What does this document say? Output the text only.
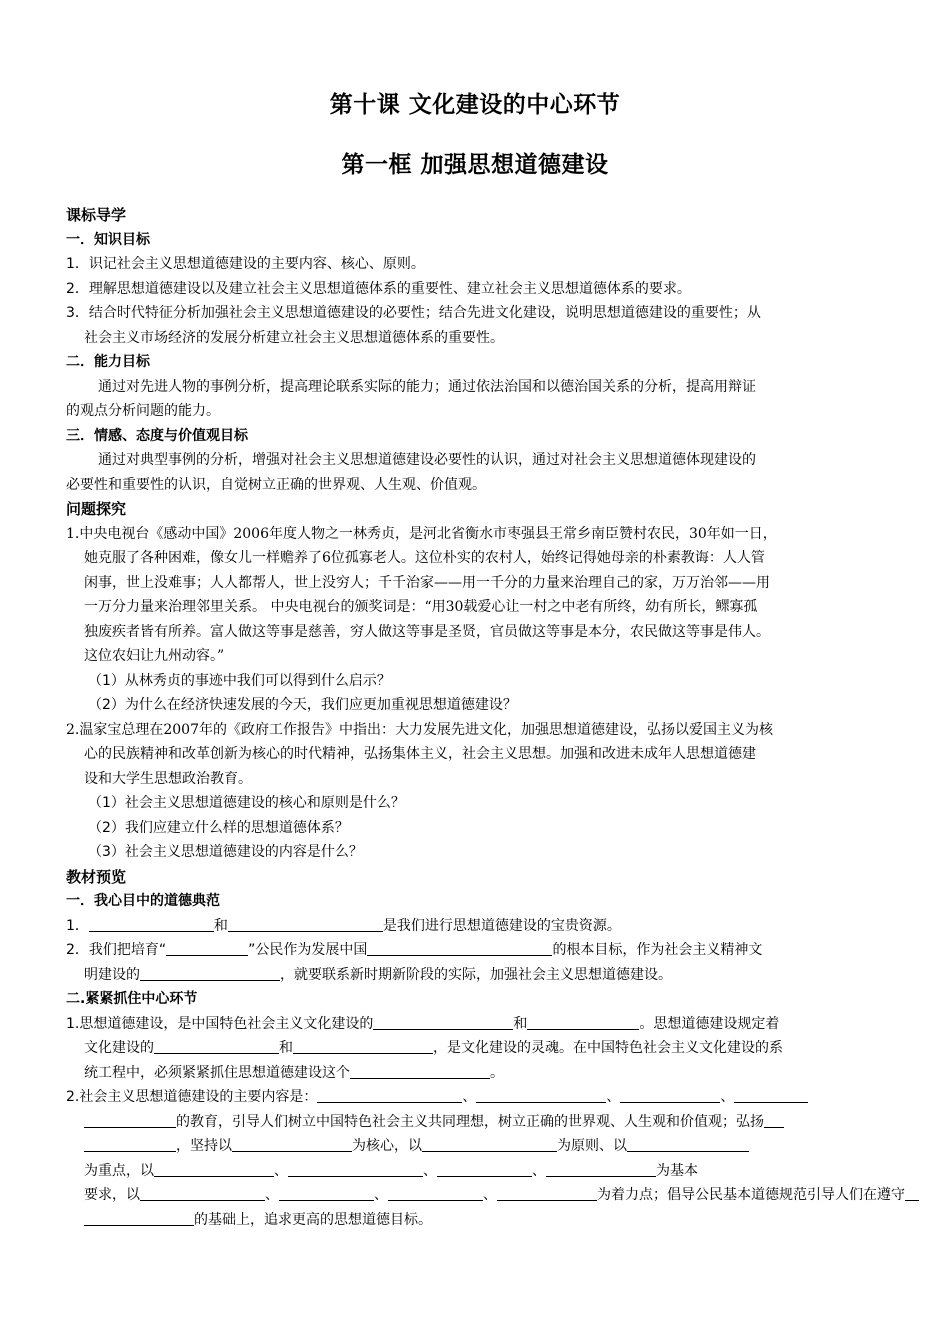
第十课 文化建设的中心环节
第一框 加强思想道德建设
课标导学
一．知识目标
1．识记社会主义思想道德建设的主要内容、核心、原则。
2．理解思想道德建设以及建立社会主义思想道德体系的重要性、建立社会主义思想道德体系的要求。
3．结合时代特征分析加强社会主义思想道德建设的必要性；结合先进文化建设，说明思想道德建设的重要性；从
社会主义市场经济的发展分析建立社会主义思想道德体系的重要性。
二．能力目标
通过对先进人物的事例分析，提高理论联系实际的能力；通过依法治国和以德治国关系的分析，提高用辩证
的观点分析问题的能力。
三．情感、态度与价值观目标
通过对典型事例的分析，增强对社会主义思想道德建设必要性的认识，通过对社会主义思想道德体现建设的
必要性和重要性的认识，自觉树立正确的世界观、人生观、价值观。
问题探究
1.中央电视台《感动中国》2006年度人物之一林秀贞，是河北省衡水市枣强县王常乡南臣赞村农民，30年如一日，
她克服了各种困难，像女儿一样赡养了6位孤寡老人。这位朴实的农村人，始终记得她母亲的朴素教诲：人人管
闲事，世上没难事；人人都帮人，世上没穷人；千千治家——用一千分的力量来治理自己的家，万万治邻——用
一万分力量来治理邻里关系。 中央电视台的颁奖词是：“用30载爱心让一村之中老有所终，幼有所长，鳏寡孤
独废疾者皆有所养。富人做这等事是慈善，穷人做这等事是圣贤，官员做这等事是本分，农民做这等事是伟人。
这位农妇让九州动容。”
（1）从林秀贞的事迹中我们可以得到什么启示？
（2）为什么在经济快速发展的今天，我们应更加重视思想道德建设？
2.温家宝总理在2007年的《政府工作报告》中指出：大力发展先进文化，加强思想道德建设，弘扬以爱国主义为核
心的民族精神和改革创新为核心的时代精神，弘扬集体主义，社会主义思想。加强和改进未成年人思想道德建
设和大学生思想政治教育。
（1）社会主义思想道德建设的核心和原则是什么？
（2）我们应建立什么样的思想道德体系？
（3）社会主义思想道德建设的内容是什么？
教材预览
一．我心目中的道德典范
1．	和	是我们进行思想道德建设的宝贵资源。
2．我们把培育“	”公民作为发展中国	的根本目标，作为社会主义精神文
明建设的	，就要联系新时期新阶段的实际，加强社会主义思想道德建设。
二.紧紧抓住中心环节
1.思想道德建设，是中国特色社会主义文化建设的	和	。思想道德建设规定着
文化建设的	和	，是文化建设的灵魂。在中国特色社会主义文化建设的系
统工程中，必须紧紧抓住思想道德建设这个	。
2.社会主义思想道德建设的主要内容是：	、	、	、
的教育，引导人们树立中国特色社会主义共同理想，树立正确的世界观、人生观和价值观；弘扬
，坚持以	为核心，以	为原则、以
为重点，以	、	、	、	为基本
要求，以	、	、	、	为着力点；倡导公民基本道德规范引导人们在遵守
的基础上，追求更高的思想道德目标。
